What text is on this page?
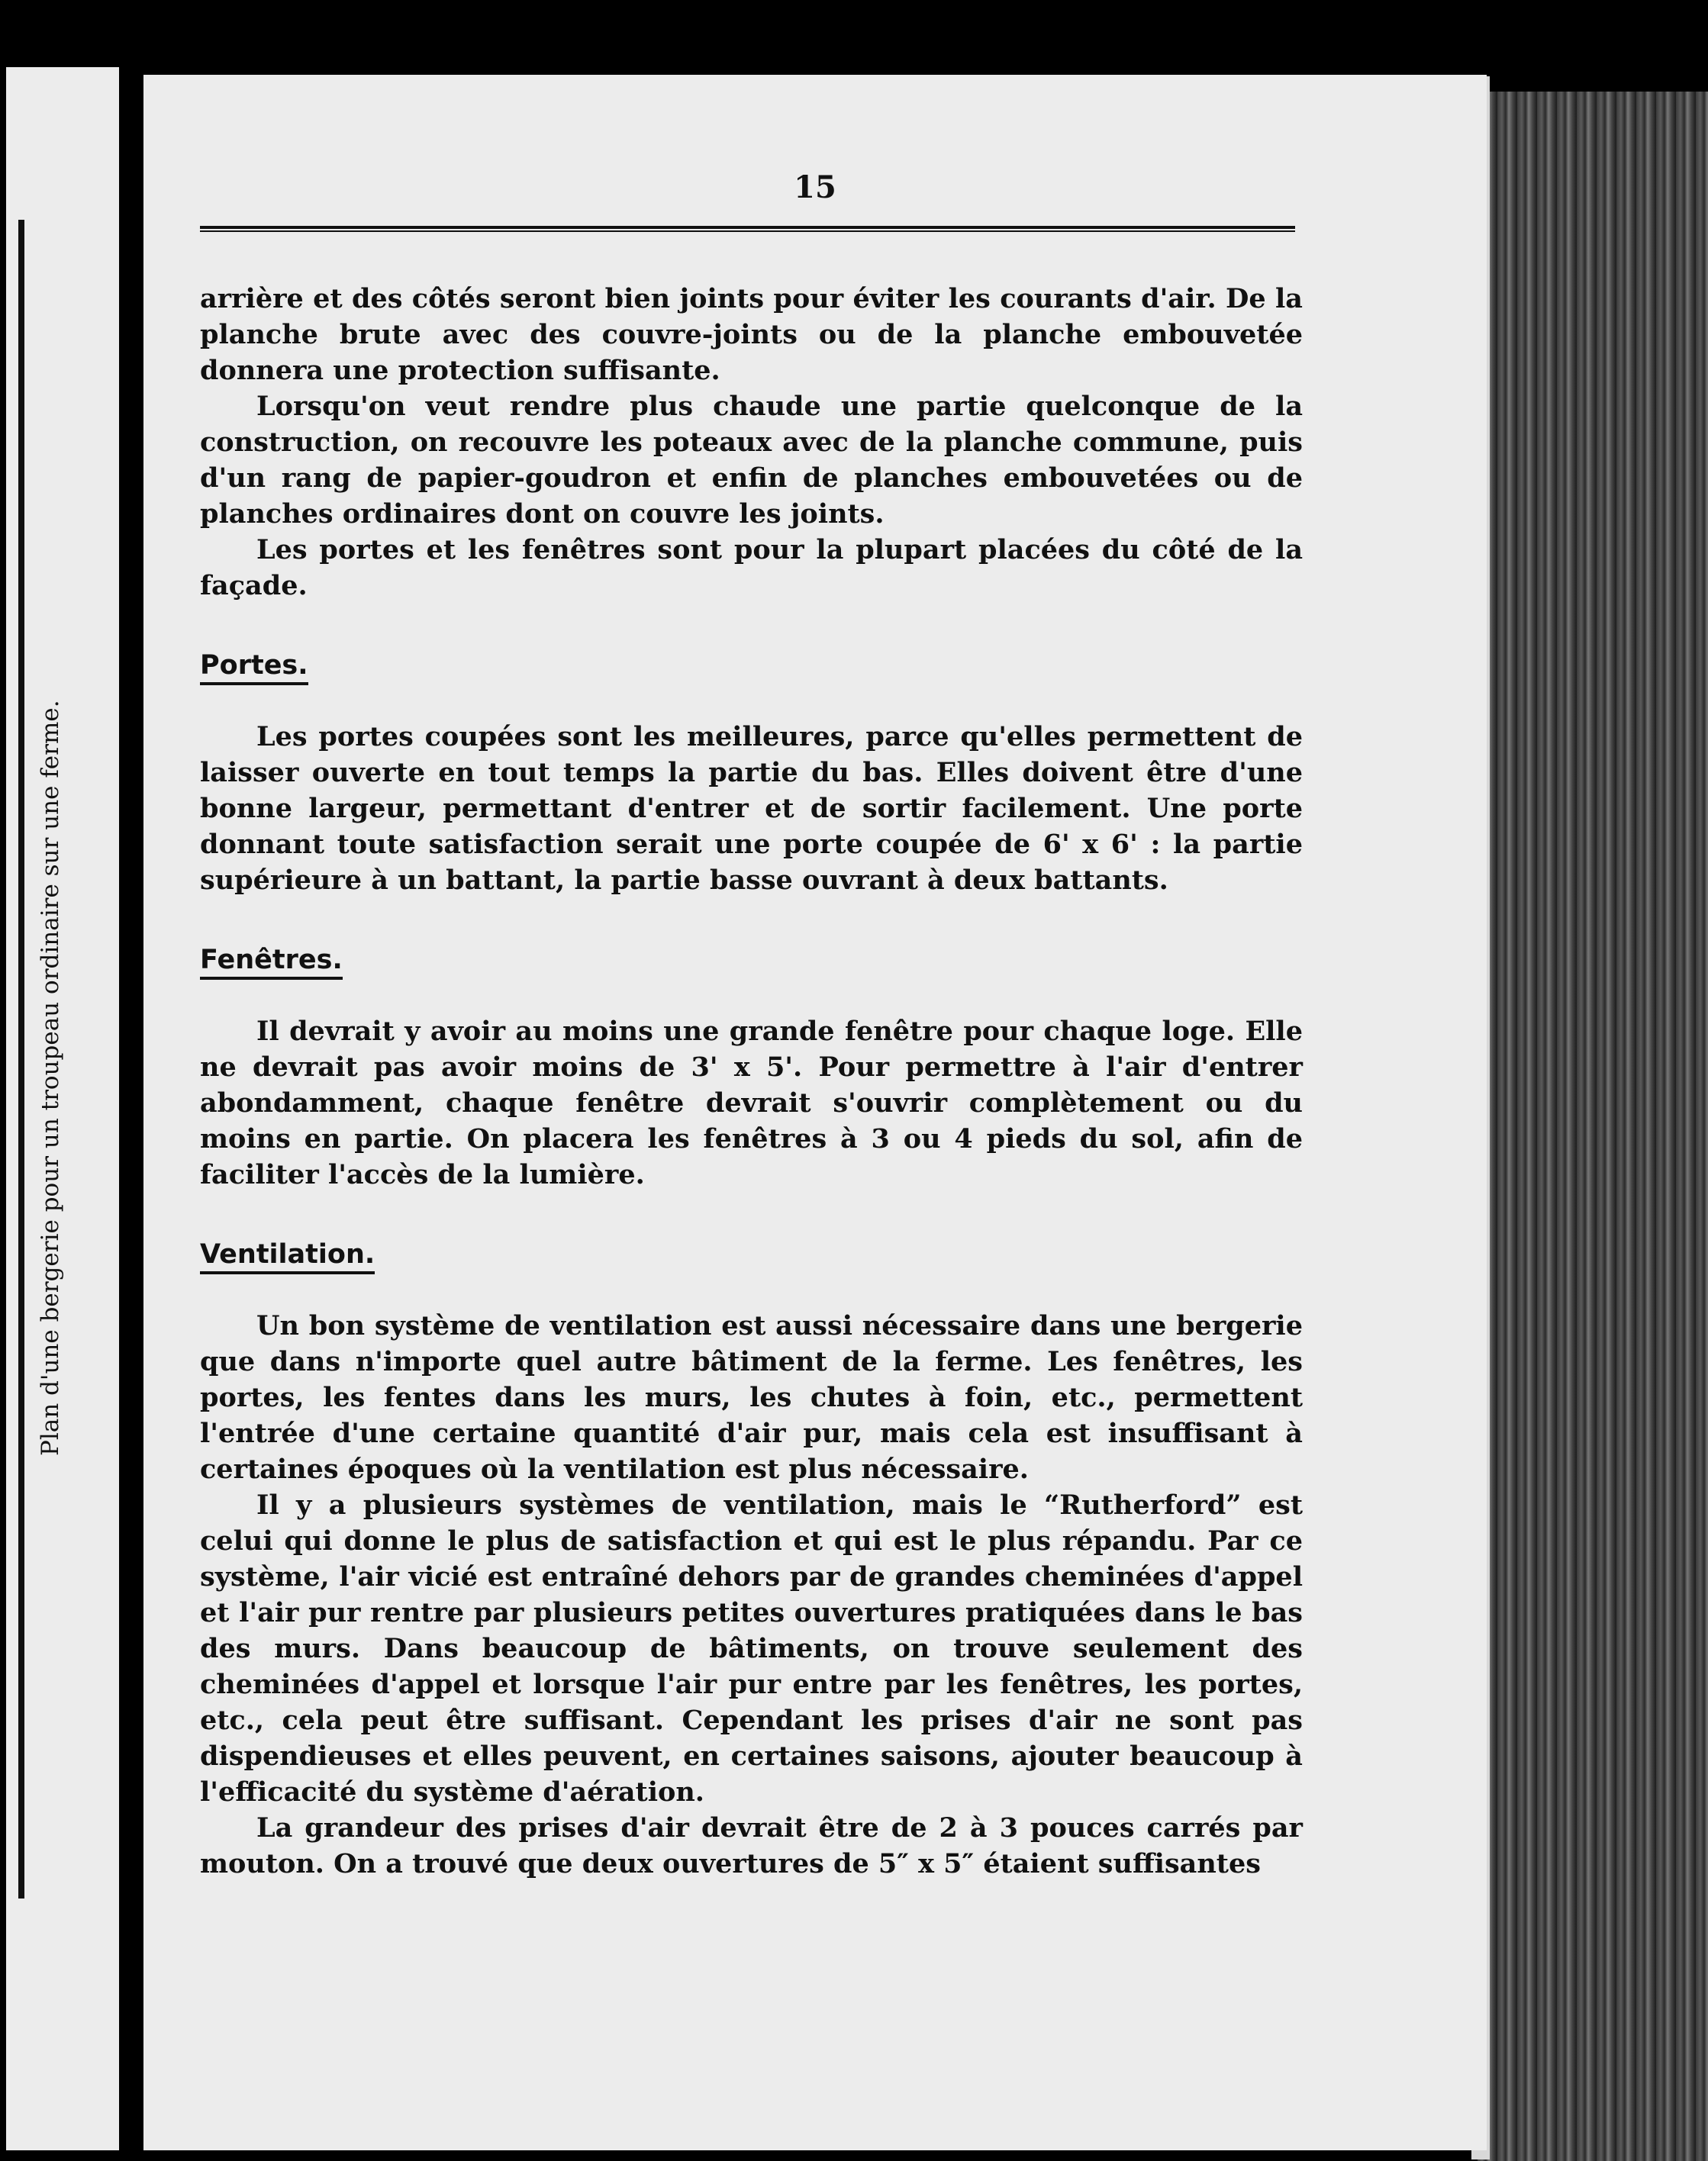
Plan d'une bergerie pour un troupeau ordinaire sur une ferme.
15

arrière et des côtés seront bien joints pour éviter les courants d'air. De la planche brute avec des couvre-joints ou de la planche embouvetée donnera une protection suffisante.

Lorsqu'on veut rendre plus chaude une partie quelconque de la construction, on recouvre les poteaux avec de la planche commune, puis d'un rang de papier-goudron et enfin de planches embouvetées ou de planches ordinaires dont on couvre les joints.

Les portes et les fenêtres sont pour la plupart placées du côté de la façade.

Portes.

Les portes coupées sont les meilleures, parce qu'elles permettent de laisser ouverte en tout temps la partie du bas. Elles doivent être d'une bonne largeur, permettant d'entrer et de sortir facilement. Une porte donnant toute satisfaction serait une porte coupée de 6' x 6' : la partie supérieure à un battant, la partie basse ouvrant à deux battants.

Fenêtres.

Il devrait y avoir au moins une grande fenêtre pour chaque loge. Elle ne devrait pas avoir moins de 3' x 5'. Pour permettre à l'air d'entrer abondamment, chaque fenêtre devrait s'ouvrir complètement ou du moins en partie. On placera les fenêtres à 3 ou 4 pieds du sol, afin de faciliter l'accès de la lumière.

Ventilation.

Un bon système de ventilation est aussi nécessaire dans une bergerie que dans n'importe quel autre bâtiment de la ferme. Les fenêtres, les portes, les fentes dans les murs, les chutes à foin, etc., permettent l'entrée d'une certaine quantité d'air pur, mais cela est insuffisant à certaines époques où la ventilation est plus nécessaire.

Il y a plusieurs systèmes de ventilation, mais le “Rutherford” est celui qui donne le plus de satisfaction et qui est le plus répandu. Par ce système, l'air vicié est entraîné dehors par de grandes cheminées d'appel et l'air pur rentre par plusieurs petites ouvertures pratiquées dans le bas des murs. Dans beaucoup de bâtiments, on trouve seulement des cheminées d'appel et lorsque l'air pur entre par les fenêtres, les portes, etc., cela peut être suffisant. Cependant les prises d'air ne sont pas dispendieuses et elles peuvent, en certaines saisons, ajouter beaucoup à l'efficacité du système d'aération.

La grandeur des prises d'air devrait être de 2 à 3 pouces carrés par mouton. On a trouvé que deux ouvertures de 5″ x 5″ étaient suffisantes
